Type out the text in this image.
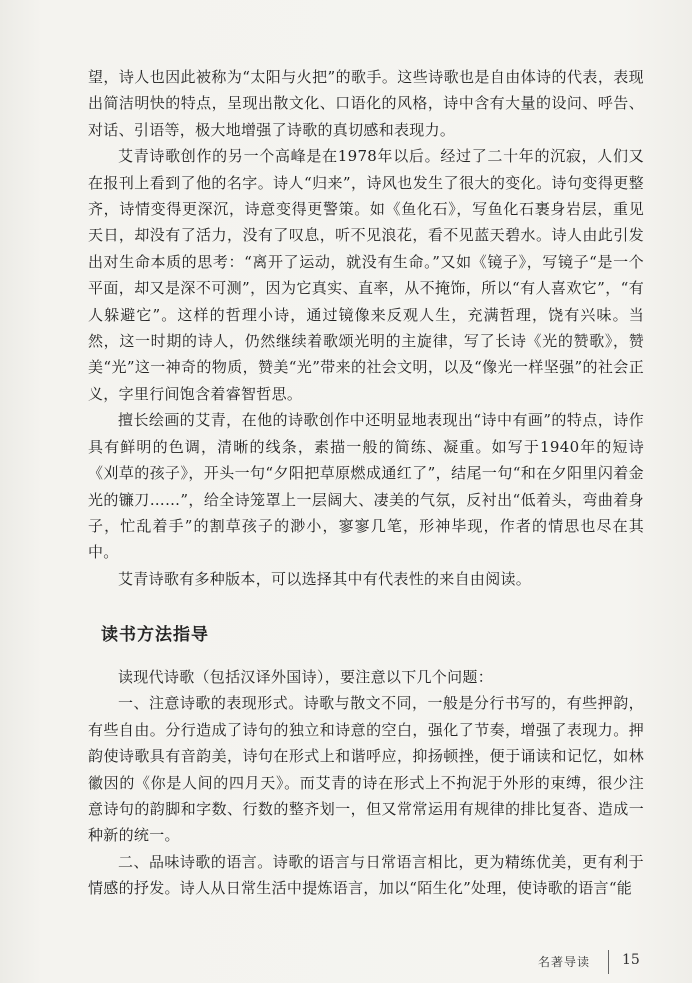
望，诗人也因此被称为“太阳与火把”的歌手。这些诗歌也是自由体诗的代表，表现出简洁明快的特点，呈现出散文化、口语化的风格，诗中含有大量的设问、呼告、对话、引语等，极大地增强了诗歌的真切感和表现力。

艾青诗歌创作的另一个高峰是在1978年以后。经过了二十年的沉寂，人们又在报刊上看到了他的名字。诗人“归来”，诗风也发生了很大的变化。诗句变得更整齐，诗情变得更深沉，诗意变得更警策。如《鱼化石》，写鱼化石裹身岩层，重见天日，却没有了活力，没有了叹息，听不见浪花，看不见蓝天碧水。诗人由此引发出对生命本质的思考：“离开了运动，就没有生命。”又如《镜子》，写镜子“是一个平面，却又是深不可测”，因为它真实、直率，从不掩饰，所以“有人喜欢它”，“有人躲避它”。这样的哲理小诗，通过镜像来反观人生，充满哲理，饶有兴味。当然，这一时期的诗人，仍然继续着歌颂光明的主旋律，写了长诗《光的赞歌》，赞美“光”这一神奇的物质，赞美“光”带来的社会文明，以及“像光一样坚强”的社会正义，字里行间饱含着睿智哲思。

擅长绘画的艾青，在他的诗歌创作中还明显地表现出“诗中有画”的特点，诗作具有鲜明的色调，清晰的线条，素描一般的简练、凝重。如写于1940年的短诗《刈草的孩子》，开头一句“夕阳把草原燃成通红了”，结尾一句“和在夕阳里闪着金光的镰刀……”，给全诗笼罩上一层阔大、凄美的气氛，反衬出“低着头，弯曲着身子，忙乱着手”的割草孩子的渺小，寥寥几笔，形神毕现，作者的情思也尽在其中。

艾青诗歌有多种版本，可以选择其中有代表性的来自由阅读。

读书方法指导

读现代诗歌（包括汉译外国诗），要注意以下几个问题：

一、注意诗歌的表现形式。诗歌与散文不同，一般是分行书写的，有些押韵，有些自由。分行造成了诗句的独立和诗意的空白，强化了节奏，增强了表现力。押韵使诗歌具有音韵美，诗句在形式上和谐呼应，抑扬顿挫，便于诵读和记忆，如林徽因的《你是人间的四月天》。而艾青的诗在形式上不拘泥于外形的束缚，很少注意诗句的韵脚和字数、行数的整齐划一，但又常常运用有规律的排比复沓、造成一种新的统一。

二、品味诗歌的语言。诗歌的语言与日常语言相比，更为精练优美，更有利于情感的抒发。诗人从日常生活中提炼语言，加以“陌生化”处理，使诗歌的语言“能

名著导读 15
